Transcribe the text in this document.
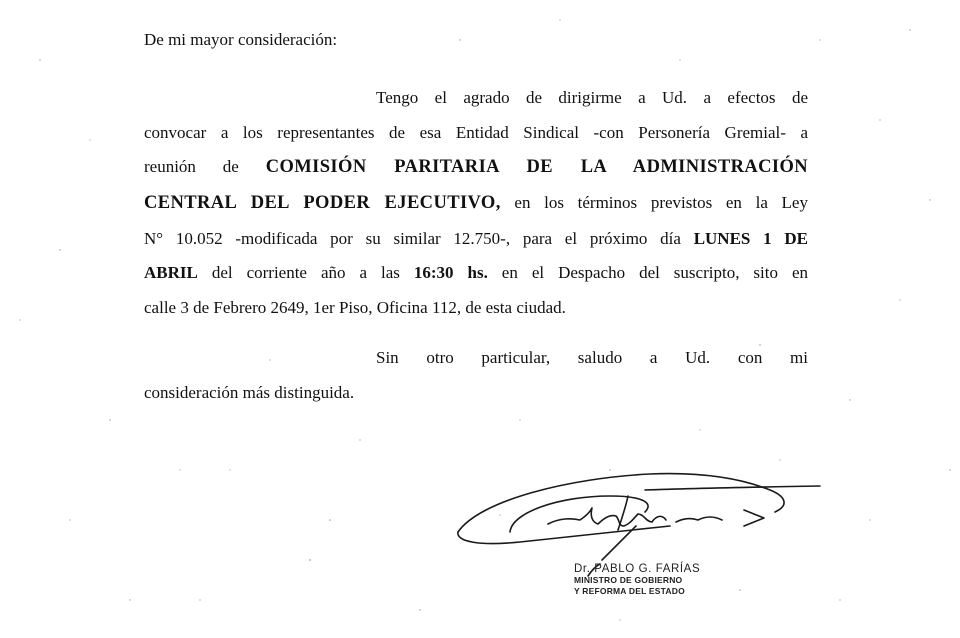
De mi mayor consideración:
Tengo el agrado de dirigirme a Ud. a efectos de
convocar a los representantes de esa Entidad Sindical -con Personería Gremial- a
reunión de COMISIÓN PARITARIA DE LA ADMINISTRACIÓN
CENTRAL DEL PODER EJECUTIVO, en los términos previstos en la Ley
N° 10.052 -modificada por su similar 12.750-, para el próximo día LUNES 1 DE
ABRIL del corriente año a las 16:30 hs. en el Despacho del suscripto, sito en
calle 3 de Febrero 2649, 1er Piso, Oficina 112, de esta ciudad.
Sin otro particular, saludo a Ud. con mi
consideración más distinguida.
Dr. PABLO G. FARÍAS
MINISTRO DE GOBIERNO
Y REFORMA DEL ESTADO
